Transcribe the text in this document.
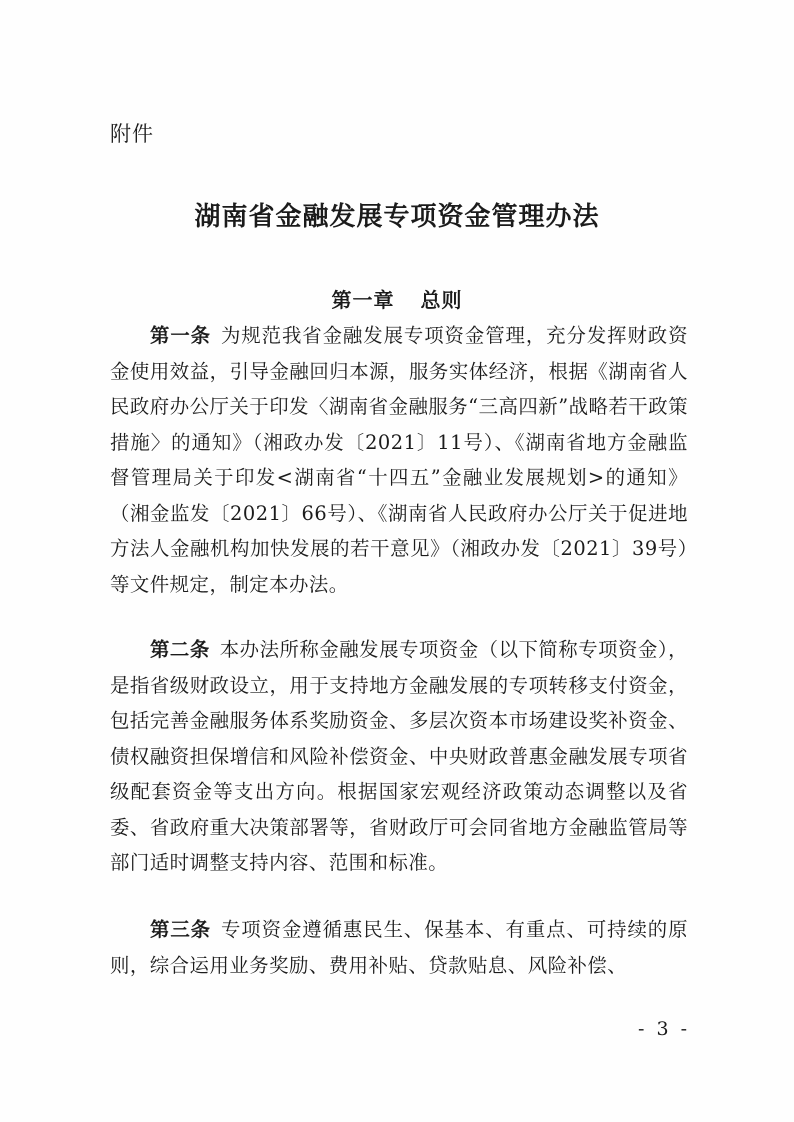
附件
湖南省金融发展专项资金管理办法
第一章 总则
第一条 为规范我省金融发展专项资金管理，充分发挥财政资金使用效益，引导金融回归本源，服务实体经济，根据《湖南省人民政府办公厅关于印发〈湖南省金融服务“三高四新”战略若干政策措施〉的通知》（湘政办发〔2021〕11号）、《湖南省地方金融监督管理局关于印发<湖南省“十四五”金融业发展规划>的通知》（湘金监发〔2021〕66号）、《湖南省人民政府办公厅关于促进地方法人金融机构加快发展的若干意见》（湘政办发〔2021〕39号）等文件规定，制定本办法。
第二条 本办法所称金融发展专项资金（以下简称专项资金），是指省级财政设立，用于支持地方金融发展的专项转移支付资金，包括完善金融服务体系奖励资金、多层次资本市场建设奖补资金、债权融资担保增信和风险补偿资金、中央财政普惠金融发展专项省级配套资金等支出方向。根据国家宏观经济政策动态调整以及省委、省政府重大决策部署等，省财政厅可会同省地方金融监管局等部门适时调整支持内容、范围和标准。
第三条 专项资金遵循惠民生、保基本、有重点、可持续的原则，综合运用业务奖励、费用补贴、贷款贴息、风险补偿、
- 3 -
